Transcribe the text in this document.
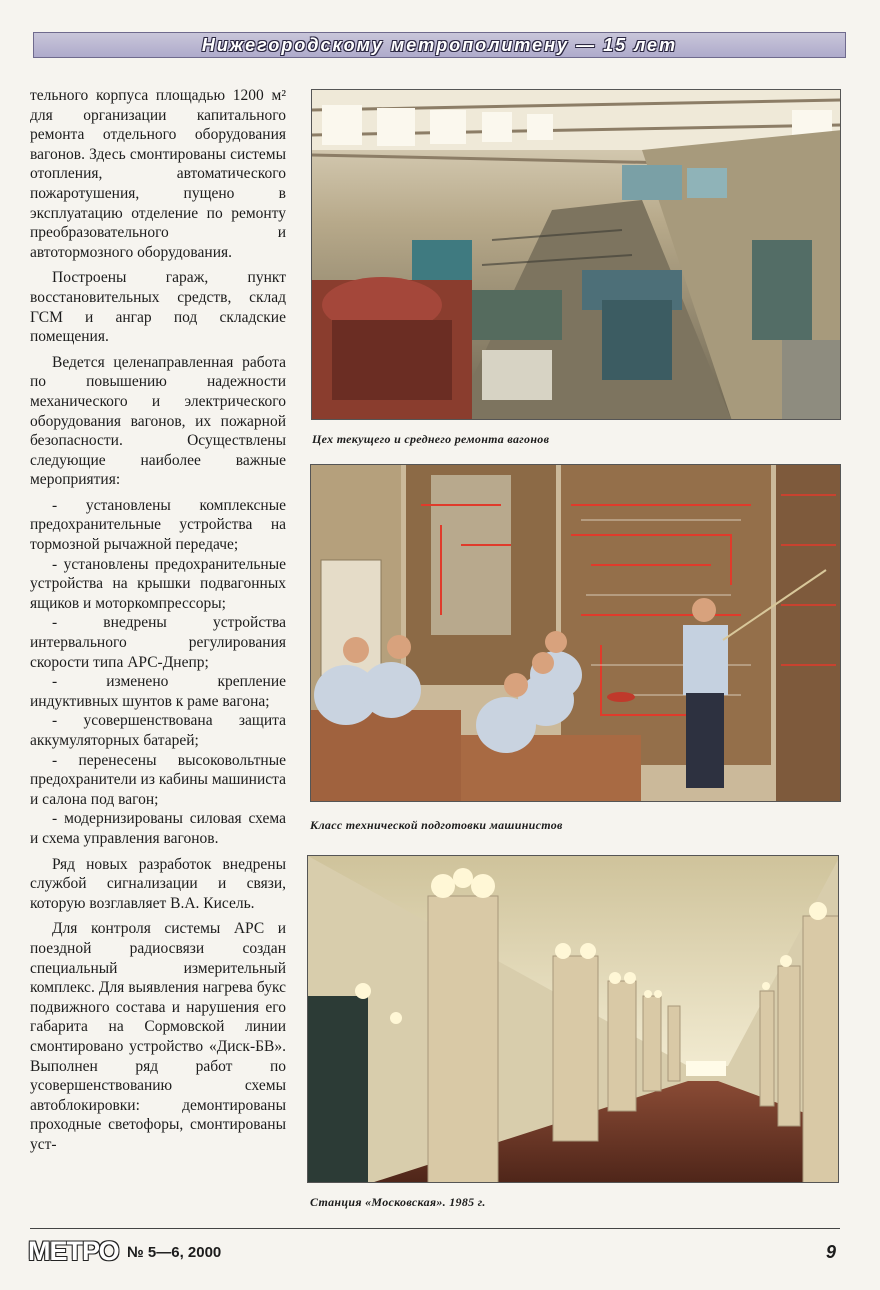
Нижегородскому метрополитену — 15 лет

тельного корпуса площадью 1200 м² для организации капитального ремонта отдельного оборудования вагонов. Здесь смонтированы системы отопления, автоматического пожаротушения, пущено в эксплуатацию отделение по ремонту преобразовательного и автотормозного оборудования.

Построены гараж, пункт восстановительных средств, склад ГСМ и ангар под складские помещения.

Ведется целенаправленная работа по повышению надежности механического и электрического оборудования вагонов, их пожарной безопасности. Осуществлены следующие наиболее важные мероприятия:

- установлены комплексные предохранительные устройства на тормозной рычажной передаче;

- установлены предохранительные устройства на крышки подвагонных ящиков и моторкомпрессоры;

- внедрены устройства интервального регулирования скорости типа АРС-Днепр;

- изменено крепление индуктивных шунтов к раме вагона;

- усовершенствована защита аккумуляторных батарей;

- перенесены высоковольтные предохранители из кабины машиниста и салона под вагон;

- модернизированы силовая схема и схема управления вагонов.

Ряд новых разработок внедрены службой сигнализации и связи, которую возглавляет В.А. Кисель.

Для контроля системы АРС и поездной радиосвязи создан специальный измерительный комплекс. Для выявления нагрева букс подвижного состава и нарушения его габарита на Сормовской линии смонтировано устройство «Диск-БВ». Выполнен ряд работ по усовершенствованию схемы автоблокировки: демонтированы проходные светофоры, смонтированы уст-

Цех текущего и среднего ремонта вагонов
Класс технической подготовки машинистов
Станция «Московская». 1985 г.
МЕТРО № 5—6, 2000	9
